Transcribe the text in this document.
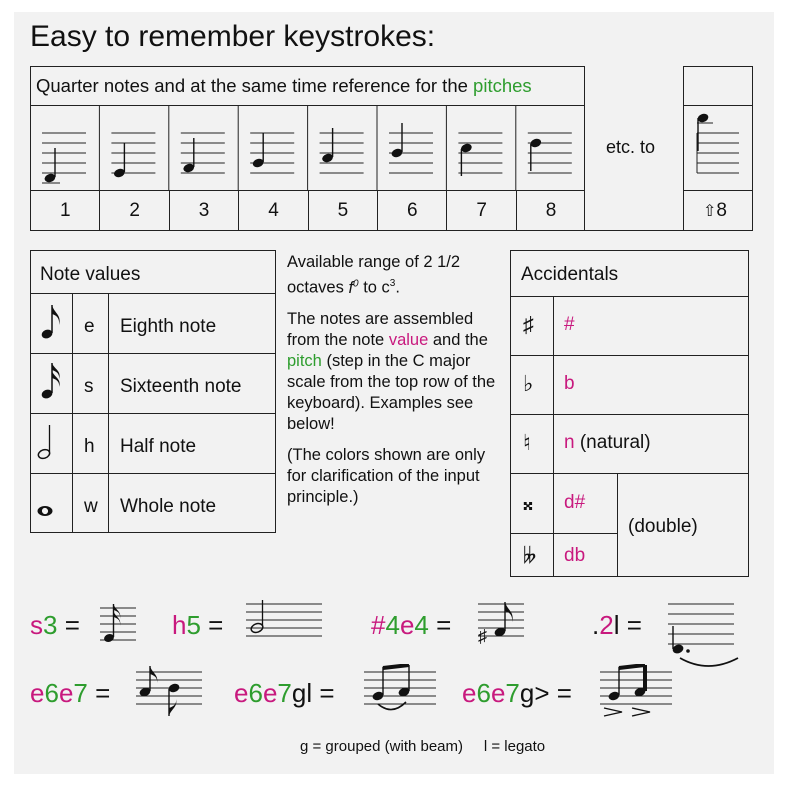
Easy to remember keystrokes:
Quarter notes and at the same time reference for the pitches
1	2	3	4	5	6	7	8
etc. to
⇧8
Note values
e Eighth note
s Sixteenth note
h Half note
w Whole note

Available range of 2 1/2 octaves $f^0$ to $c^3$.

The notes are assembled from the note value and the pitch (step in the C major scale from the top row of the keyboard). Examples see below!

(The colors shown are only for clarification of the input principle.)

Accidentals
♯ #
♭ b
♮ n (natural)
𝄪 d#
𝄫 db
(double)
s3 =	h5 =	#4e4 = ♯	.2l =
e6e7 =	e6e7gl =	e6e7g> =
g = grouped (with beam)     l = legato
